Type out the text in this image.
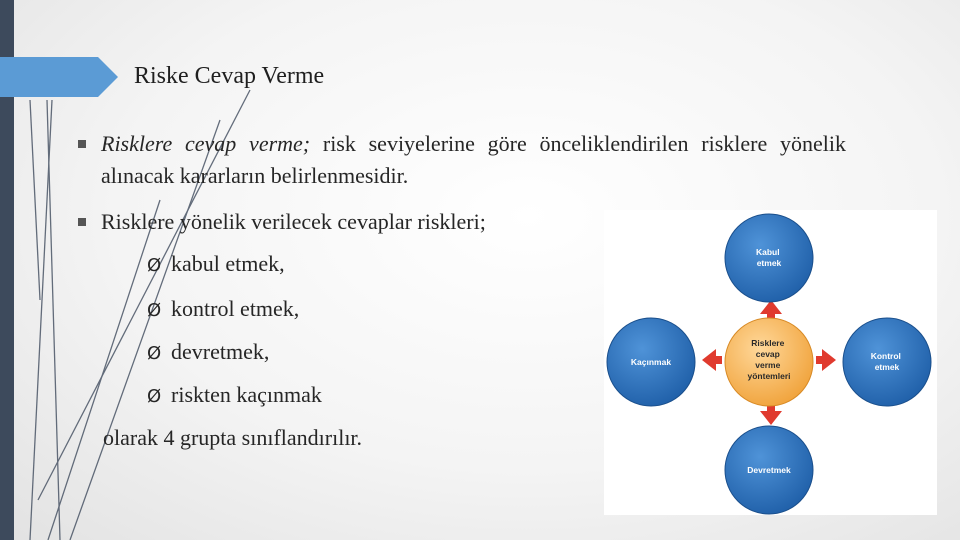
Riske Cevap Verme
Risklere cevap verme; risk seviyelerine göre önceliklendirilen risklere yönelik alınacak kararların belirlenmesidir.
Risklere yönelik verilecek cevaplar riskleri;
Ø kabul etmek,
Ø kontrol etmek,
Ø devretmek,
Ø riskten kaçınmak
olarak 4 grupta sınıflandırılır.
Kabul etmek
Kontrol etmek
Devretmek
Kaçınmak
Risklere cevap verme yöntemleri
